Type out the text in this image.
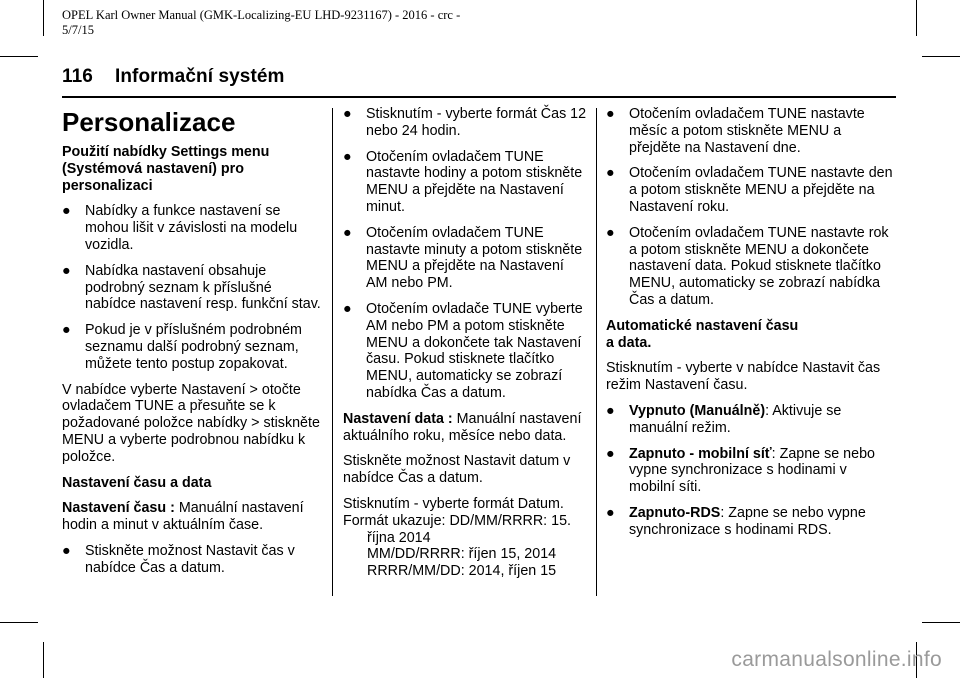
OPEL Karl Owner Manual (GMK-Localizing-EU LHD-9231167) - 2016 - crc -
5/7/15
116 Informační systém
Personalizace
Použití nabídky Settings menu (Systémová nastavení) pro personalizaci
● Nabídky a funkce nastavení se mohou lišit v závislosti na modelu vozidla.
● Nabídka nastavení obsahuje podrobný seznam k příslušné nabídce nastavení resp. funkční stav.
● Pokud je v příslušném podrobném seznamu další podrobný seznam, můžete tento postup zopakovat.

V nabídce vyberte Nastavení > otočte ovladačem TUNE a přesuňte se k požadované položce nabídky > stiskněte MENU a vyberte podrobnou nabídku k položce.

Nastavení času a data

Nastavení času : Manuální nastavení hodin a minut v aktuálním čase.

● Stiskněte možnost Nastavit čas v nabídce Čas a datum.
● Stisknutím - vyberte formát Čas 12 nebo 24 hodin.
● Otočením ovladačem TUNE nastavte hodiny a potom stiskněte MENU a přejděte na Nastavení minut.
● Otočením ovladačem TUNE nastavte minuty a potom stiskněte MENU a přejděte na Nastavení AM nebo PM.
● Otočením ovladače TUNE vyberte AM nebo PM a potom stiskněte MENU a dokončete tak Nastavení času. Pokud stisknete tlačítko MENU, automaticky se zobrazí nabídka Čas a datum.

Nastavení data : Manuální nastavení aktuálního roku, měsíce nebo data.

Stiskněte možnost Nastavit datum v nabídce Čas a datum.

Stisknutím - vyberte formát Datum. Formát ukazuje: DD/MM/RRRR: 15.

října 2014
MM/DD/RRRR: říjen 15, 2014
RRRR/MM/DD: 2014, říjen 15
● Otočením ovladačem TUNE nastavte měsíc a potom stiskněte MENU a přejděte na Nastavení dne.
● Otočením ovladačem TUNE nastavte den a potom stiskněte MENU a přejděte na Nastavení roku.
● Otočením ovladačem TUNE nastavte rok a potom stiskněte MENU a dokončete nastavení data. Pokud stisknete tlačítko MENU, automaticky se zobrazí nabídka Čas a datum.
Automatické nastavení času a data.

Stisknutím - vyberte v nabídce Nastavit čas režim Nastavení času.

● Vypnuto (Manuálně): Aktivuje se manuální režim.
● Zapnuto - mobilní síť: Zapne se nebo vypne synchronizace s hodinami v mobilní síti.
● Zapnuto-RDS: Zapne se nebo vypne synchronizace s hodinami RDS.
carmanualsonline.info
